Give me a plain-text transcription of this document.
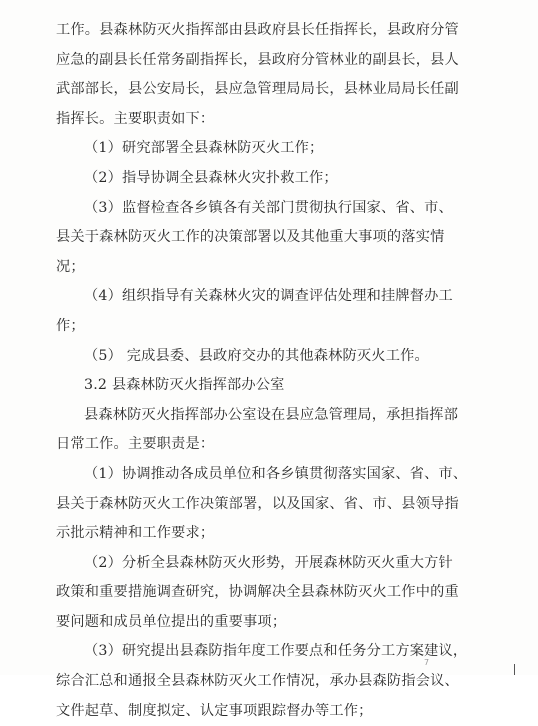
工作。县森林防灭火指挥部由县政府县长任指挥长，县政府分管
应急的副县长任常务副指挥长，县政府分管林业的副县长，县人
武部部长，县公安局长，县应急管理局局长，县林业局局长任副
指挥长。主要职责如下：
（1）研究部署全县森林防灭火工作；
（2）指导协调全县森林火灾扑救工作；
（3）监督检查各乡镇各有关部门贯彻执行国家、省、市、
县关于森林防灭火工作的决策部署以及其他重大事项的落实情
况；
（4）组织指导有关森林火灾的调查评估处理和挂牌督办工
作；
（5） 完成县委、县政府交办的其他森林防灭火工作。
3.2 县森林防灭火指挥部办公室
县森林防灭火指挥部办公室设在县应急管理局，承担指挥部
日常工作。主要职责是：
（1）协调推动各成员单位和各乡镇贯彻落实国家、省、市、
县关于森林防灭火工作决策部署，以及国家、省、市、县领导指
示批示精神和工作要求；
（2）分析全县森林防灭火形势，开展森林防灭火重大方针
政策和重要措施调查研究，协调解决全县森林防灭火工作中的重
要问题和成员单位提出的重要事项；
（3）研究提出县森防指年度工作要点和任务分工方案建议，
综合汇总和通报全县森林防灭火工作情况，承办县森防指会议、
文件起草、制度拟定、认定事项跟踪督办等工作；
7
